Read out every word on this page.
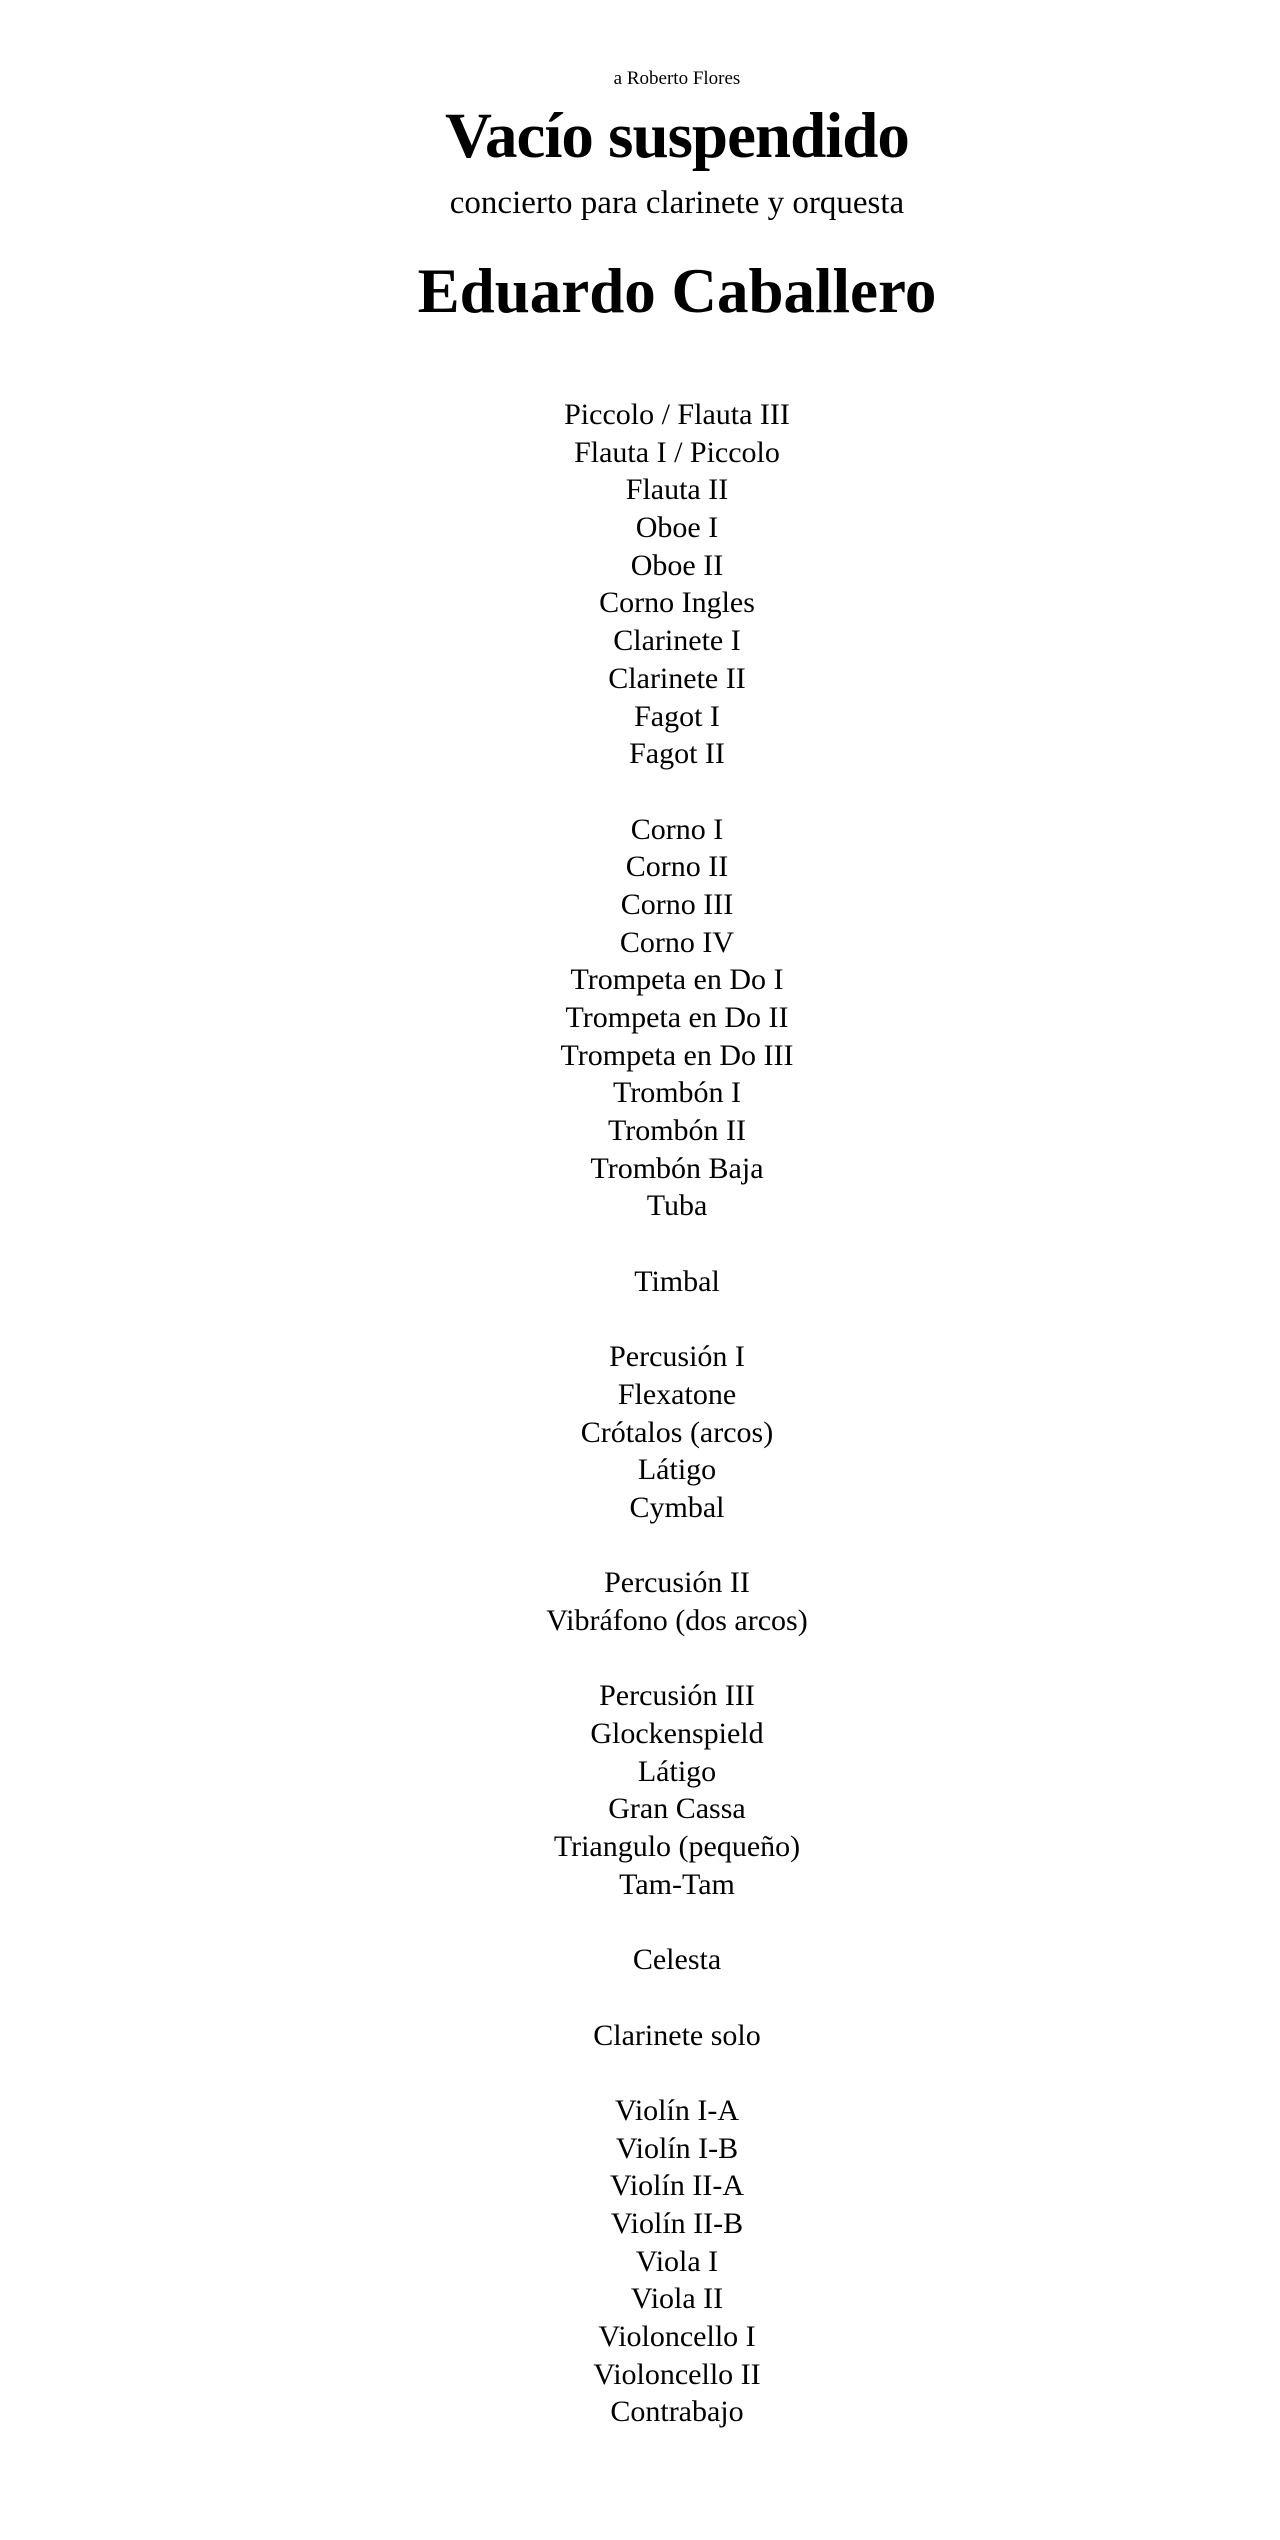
a Roberto Flores
Vacío suspendido
concierto para clarinete y orquesta
Eduardo Caballero
Piccolo / Flauta III
Flauta I / Piccolo
Flauta II
Oboe I
Oboe II
Corno Ingles
Clarinete I
Clarinete II
Fagot I
Fagot II
Corno I
Corno II
Corno III
Corno IV
Trompeta en Do I
Trompeta en Do II
Trompeta en Do III
Trombón I
Trombón II
Trombón Baja
Tuba
Timbal
Percusión I
Flexatone
Crótalos (arcos)
Látigo
Cymbal
Percusión II
Vibráfono (dos arcos)
Percusión III
Glockenspield
Látigo
Gran Cassa
Triangulo (pequeño)
Tam-Tam
Celesta
Clarinete solo
Violín I-A
Violín I-B
Violín II-A
Violín II-B
Viola I
Viola II
Violoncello I
Violoncello II
Contrabajo
